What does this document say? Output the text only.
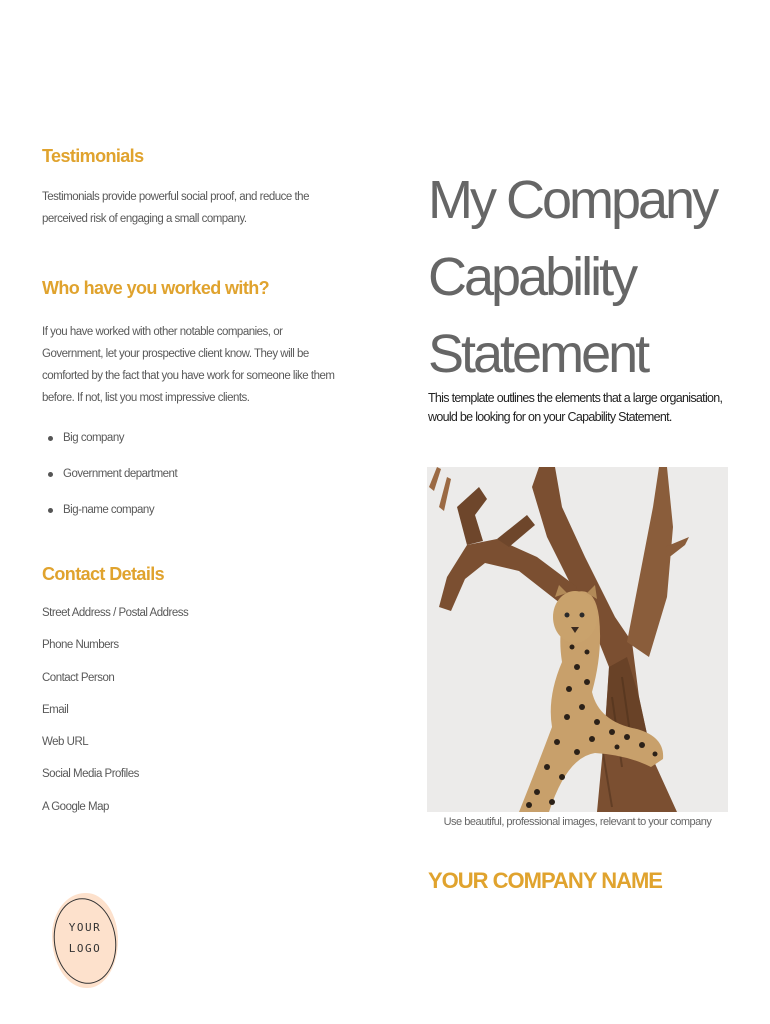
Testimonials

Testimonials provide powerful social proof, and reduce the perceived risk of engaging a small company.

Who have you worked with?

If you have worked with other notable companies, or Government, let your prospective client know. They will be comforted by the fact that you have work for someone like them before. If not, list you most impressive clients.

Big company
Government department
Big-name company
Contact Details
Street Address / Postal Address
Phone Numbers
Contact Person
Email
Web URL
Social Media Profiles
A Google Map
YOUR
LOGO
My Company
Capability
Statement

This template outlines the elements that a large organisation, would be looking for on your Capability Statement.

Use beautiful, professional images, relevant to your company

YOUR COMPANY NAME
